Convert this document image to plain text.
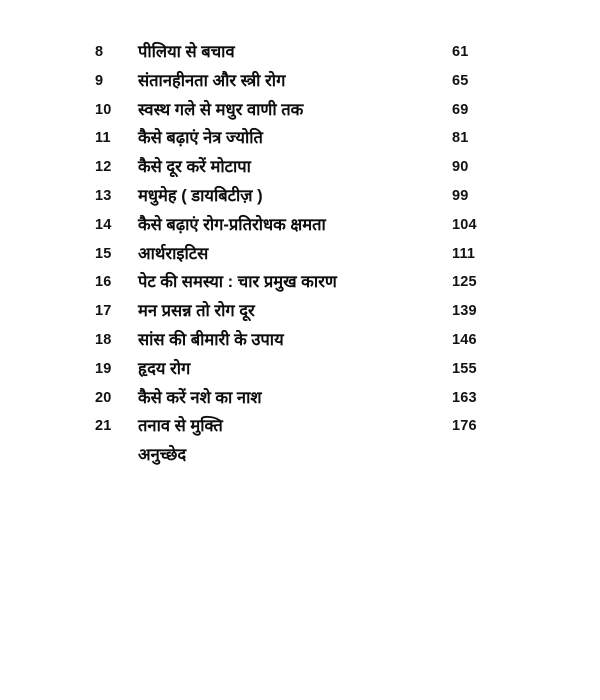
8 पीलिया से बचाव	61
9 संतानहीनता और स्त्री रोग	65
10 स्वस्थ गले से मधुर वाणी तक	69
11 कैसे बढ़ाएं नेत्र ज्योति	81
12 कैसे दूर करें मोटापा	90
13 मधुमेह ( डायबिटीज़ )	99
14 कैसे बढ़ाएं रोग-प्रतिरोधक क्षमता	104
15 आर्थराइटिस	111
16 पेट की समस्या : चार प्रमुख कारण	125
17 मन प्रसन्न तो रोग दूर	139
18 सांस की बीमारी के उपाय	146
19 हृदय रोग	155
20 कैसे करें नशे का नाश	163
21 तनाव से मुक्ति	176
अनुच्छेद
